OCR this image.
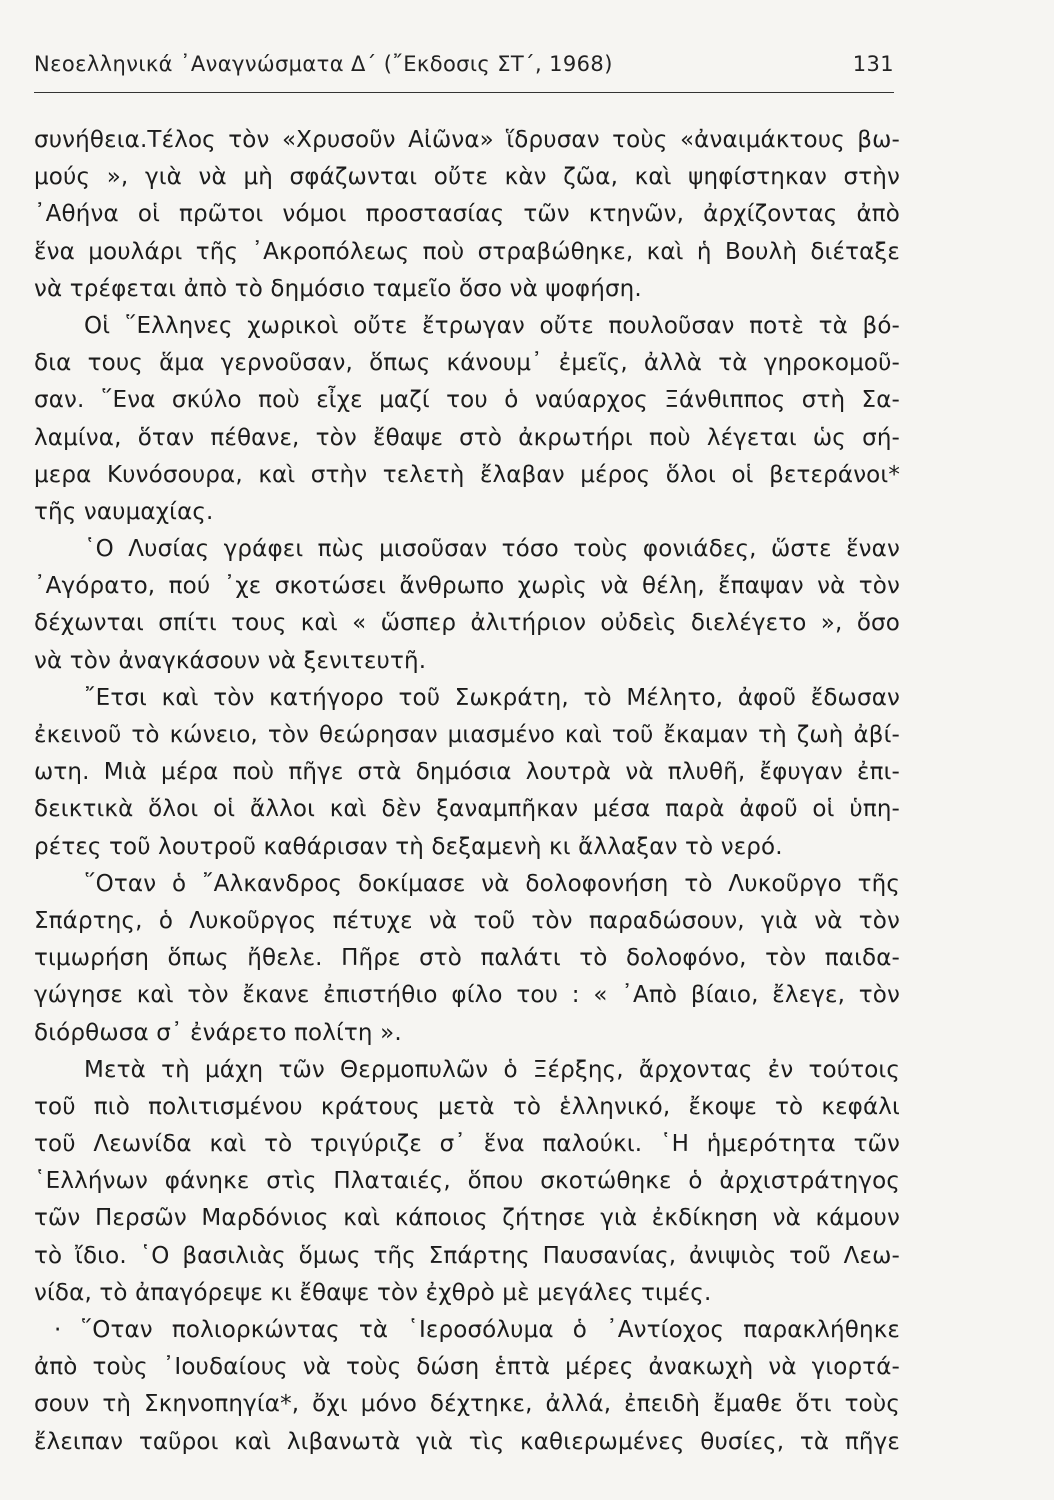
Νεοελληνικά ᾿Αναγνώσματα Δ΄ (῎Εκδοσις ΣΤ΄, 1968)	131
συνήθεια.Τέλος τὸν «Χρυσοῦν Αἰῶνα» ἵδρυσαν τοὺς «ἀναιμάκτους βω-
μούς », γιὰ νὰ μὴ σφάζωνται οὔτε κὰν ζῶα, καὶ ψηφίστηκαν στὴν
᾿Αθήνα οἱ πρῶτοι νόμοι προστασίας τῶν κτηνῶν, ἀρχίζοντας ἀπὸ
ἕνα μουλάρι τῆς ᾿Ακροπόλεως ποὺ στραβώθηκε, καὶ ἡ Βουλὴ διέταξε
νὰ τρέφεται ἀπὸ τὸ δημόσιο ταμεῖο ὅσο νὰ ψοφήση.
Οἱ ῞Ελληνες χωρικοὶ οὔτε ἔτρωγαν οὔτε πουλοῦσαν ποτὲ τὰ βό-
δια τους ἅμα γερνοῦσαν, ὅπως κάνουμ᾿ ἐμεῖς, ἀλλὰ τὰ γηροκομοῦ-
σαν. ῞Ενα σκύλο ποὺ εἶχε μαζί του ὁ ναύαρχος Ξάνθιππος στὴ Σα-
λαμίνα, ὅταν πέθανε, τὸν ἔθαψε στὸ ἀκρωτήρι ποὺ λέγεται ὡς σή-
μερα Κυνόσουρα, καὶ στὴν τελετὴ ἔλαβαν μέρος ὅλοι οἱ βετεράνοι*
τῆς ναυμαχίας.
῾Ο Λυσίας γράφει πὼς μισοῦσαν τόσο τοὺς φονιάδες, ὥστε ἕναν
᾿Αγόρατο, πού ᾿χε σκοτώσει ἄνθρωπο χωρὶς νὰ θέλη, ἔπαψαν νὰ τὸν
δέχωνται σπίτι τους καὶ « ὥσπερ ἀλιτήριον οὐδεὶς διελέγετο », ὅσο
νὰ τὸν ἀναγκάσουν νὰ ξενιτευτῆ.
῎Ετσι καὶ τὸν κατήγορο τοῦ Σωκράτη, τὸ Μέλητο, ἀφοῦ ἔδωσαν
ἐκεινοῦ τὸ κώνειο, τὸν θεώρησαν μιασμένο καὶ τοῦ ἔκαμαν τὴ ζωὴ ἀβί-
ωτη. Μιὰ μέρα ποὺ πῆγε στὰ δημόσια λουτρὰ νὰ πλυθῆ, ἔφυγαν ἐπι-
δεικτικὰ ὅλοι οἱ ἄλλοι καὶ δὲν ξαναμπῆκαν μέσα παρὰ ἀφοῦ οἱ ὑπη-
ρέτες τοῦ λουτροῦ καθάρισαν τὴ δεξαμενὴ κι ἄλλαξαν τὸ νερό.
῞Οταν ὁ ῎Αλκανδρος δοκίμασε νὰ δολοφονήση τὸ Λυκοῦργο τῆς
Σπάρτης, ὁ Λυκοῦργος πέτυχε νὰ τοῦ τὸν παραδώσουν, γιὰ νὰ τὸν
τιμωρήση ὅπως ἤθελε. Πῆρε στὸ παλάτι τὸ δολοφόνο, τὸν παιδα-
γώγησε καὶ τὸν ἔκανε ἐπιστήθιο φίλο του : « ᾿Απὸ βίαιο, ἔλεγε, τὸν
διόρθωσα σ᾿ ἐνάρετο πολίτη ».
Μετὰ τὴ μάχη τῶν Θερμοπυλῶν ὁ Ξέρξης, ἄρχοντας ἐν τούτοις
τοῦ πιὸ πολιτισμένου κράτους μετὰ τὸ ἑλληνικό, ἔκοψε τὸ κεφάλι
τοῦ Λεωνίδα καὶ τὸ τριγύριζε σ᾿ ἕνα παλούκι. ῾Η ἡμερότητα τῶν
῾Ελλήνων φάνηκε στὶς Πλαταιές, ὅπου σκοτώθηκε ὁ ἀρχιστράτηγος
τῶν Περσῶν Μαρδόνιος καὶ κάποιος ζήτησε γιὰ ἐκδίκηση νὰ κάμουν
τὸ ἴδιο. ῾Ο βασιλιὰς ὅμως τῆς Σπάρτης Παυσανίας, ἀνιψιὸς τοῦ Λεω-
νίδα, τὸ ἀπαγόρεψε κι ἔθαψε τὸν ἐχθρὸ μὲ μεγάλες τιμές.
· ῞Οταν πολιορκώντας τὰ ῾Ιεροσόλυμα ὁ ᾿Αντίοχος παρακλήθηκε
ἀπὸ τοὺς ᾿Ιουδαίους νὰ τοὺς δώση ἑπτὰ μέρες ἀνακωχὴ νὰ γιορτά-
σουν τὴ Σκηνοπηγία*, ὄχι μόνο δέχτηκε, ἀλλά, ἐπειδὴ ἔμαθε ὅτι τοὺς
ἔλειπαν ταῦροι καὶ λιβανωτὰ γιὰ τὶς καθιερωμένες θυσίες, τὰ πῆγε
